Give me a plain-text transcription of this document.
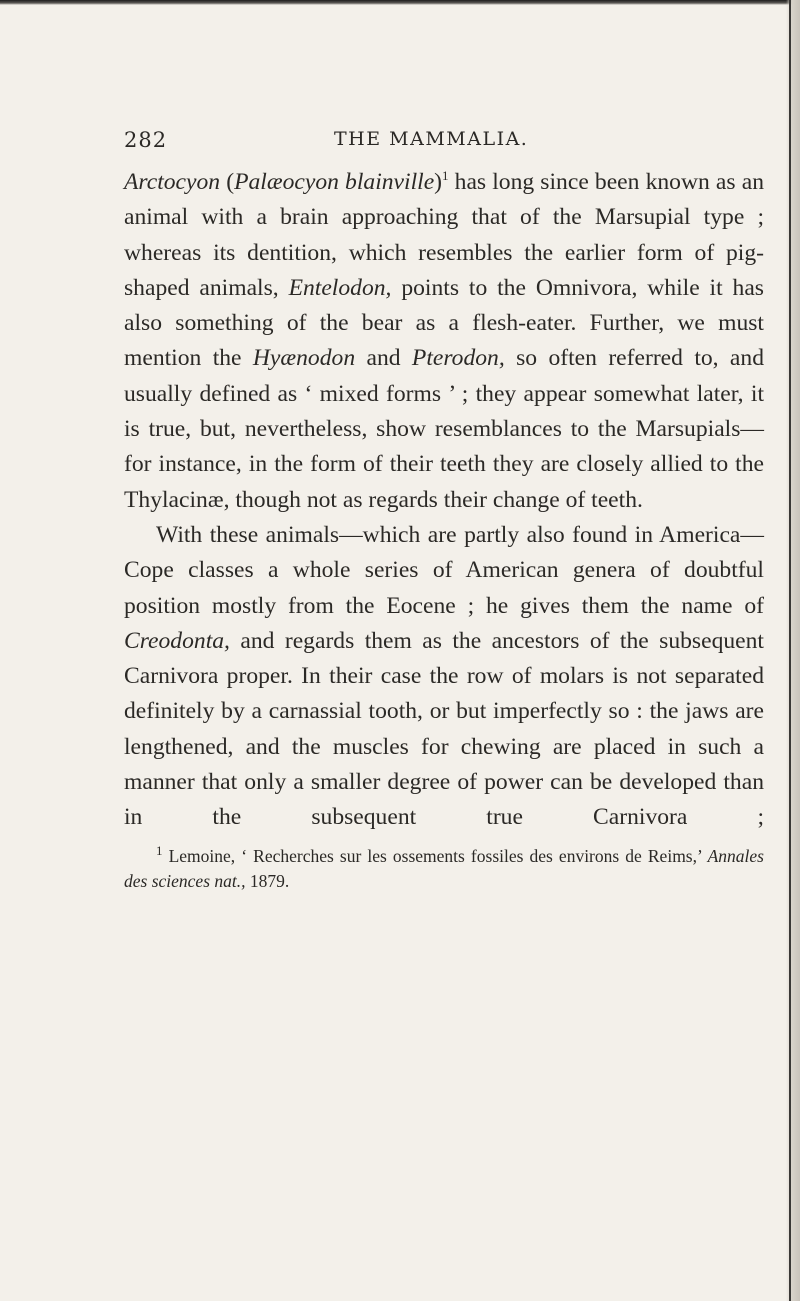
282	THE MAMMALIA.

Arctocyon (Palæocyon blainville)$^1$ has long since been known as an animal with a brain approaching that of the Marsupial type ; whereas its dentition, which resembles the earlier form of pig-shaped animals, Entelodon, points to the Omnivora, while it has also something of the bear as a flesh-eater. Further, we must mention the Hyænodon and Pterodon, so often referred to, and usually defined as ‘ mixed forms ’ ; they appear somewhat later, it is true, but, nevertheless, show resemblances to the Marsupials—for instance, in the form of their teeth they are closely allied to the Thylacinæ, though not as regards their change of teeth.

With these animals—which are partly also found in America—Cope classes a whole series of American genera of doubtful position mostly from the Eocene ; he gives them the name of Creodonta, and regards them as the ancestors of the subsequent Carnivora proper. In their case the row of molars is not separated definitely by a carnassial tooth, or but imperfectly so : the jaws are lengthened, and the muscles for chewing are placed in such a manner that only a smaller degree of power can be developed than in the subsequent true Carnivora ;

$^1$ Lemoine, ‘ Recherches sur les ossements fossiles des environs de Reims,’ Annales des sciences nat., 1879.
